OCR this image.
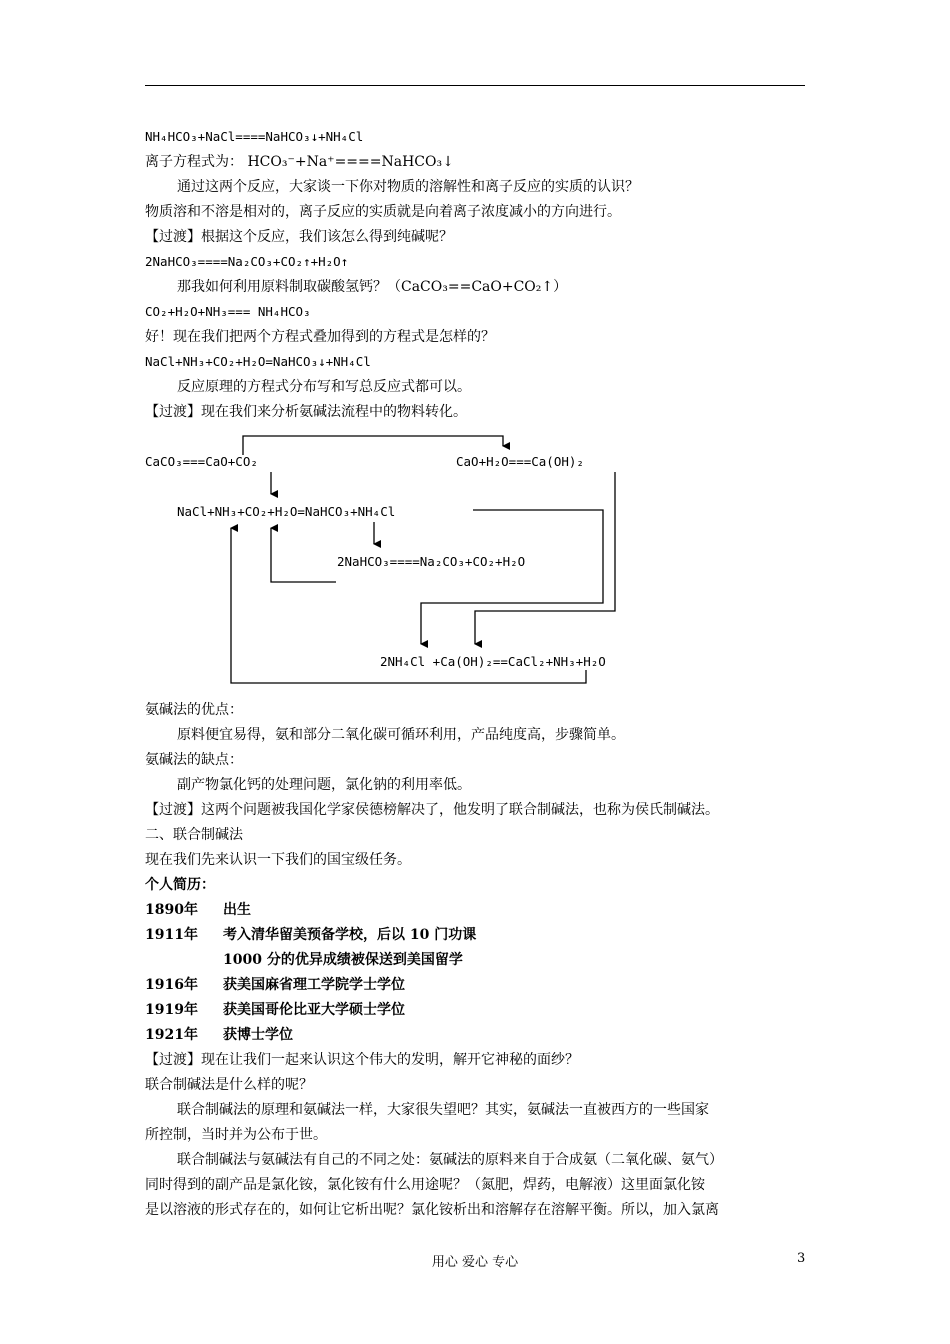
NH₄HCO₃+NaCl====NaHCO₃↓+NH₄Cl
离子方程式为： HCO₃⁻+Na⁺====NaHCO₃↓
通过这两个反应，大家谈一下你对物质的溶解性和离子反应的实质的认识？
物质溶和不溶是相对的，离子反应的实质就是向着离子浓度减小的方向进行。
【过渡】根据这个反应，我们该怎么得到纯碱呢？
2NaHCO₃====Na₂CO₃+CO₂↑+H₂O↑
那我如何利用原料制取碳酸氢钙？（CaCO₃==CaO+CO₂↑）
CO₂+H₂O+NH₃=== NH₄HCO₃
好！现在我们把两个方程式叠加得到的方程式是怎样的？
NaCl+NH₃+CO₂+H₂O=NaHCO₃↓+NH₄Cl
反应原理的方程式分布写和写总反应式都可以。
【过渡】现在我们来分析氨碱法流程中的物料转化。
CaCO₃===CaO+CO₂	CaO+H₂O===Ca(OH)₂
NaCl+NH₃+CO₂+H₂O=NaHCO₃+NH₄Cl
2NaHCO₃====Na₂CO₃+CO₂+H₂O
2NH₄Cl +Ca(OH)₂==CaCl₂+NH₃+H₂O
氨碱法的优点：
原料便宜易得，氨和部分二氧化碳可循环利用，产品纯度高，步骤简单。
氨碱法的缺点：
副产物氯化钙的处理问题，氯化钠的利用率低。
【过渡】这两个问题被我国化学家侯德榜解决了，他发明了联合制碱法，也称为侯氏制碱法。
二、联合制碱法
现在我们先来认识一下我们的国宝级任务。
个人简历：
1890年 出生
1911年 考入清华留美预备学校，后以 10 门功课
1000 分的优异成绩被保送到美国留学
1916年 获美国麻省理工学院学士学位
1919年 获美国哥伦比亚大学硕士学位
1921年 获博士学位
【过渡】现在让我们一起来认识这个伟大的发明，解开它神秘的面纱？
联合制碱法是什么样的呢？
联合制碱法的原理和氨碱法一样，大家很失望吧？其实，氨碱法一直被西方的一些国家
所控制，当时并为公布于世。
联合制碱法与氨碱法有自己的不同之处：氨碱法的原料来自于合成氨（二氧化碳、氨气）
同时得到的副产品是氯化铵，氯化铵有什么用途呢？（氮肥，焊药，电解液）这里面氯化铵
是以溶液的形式存在的，如何让它析出呢？氯化铵析出和溶解存在溶解平衡。所以，加入氯离
用心 爱心 专心	3
